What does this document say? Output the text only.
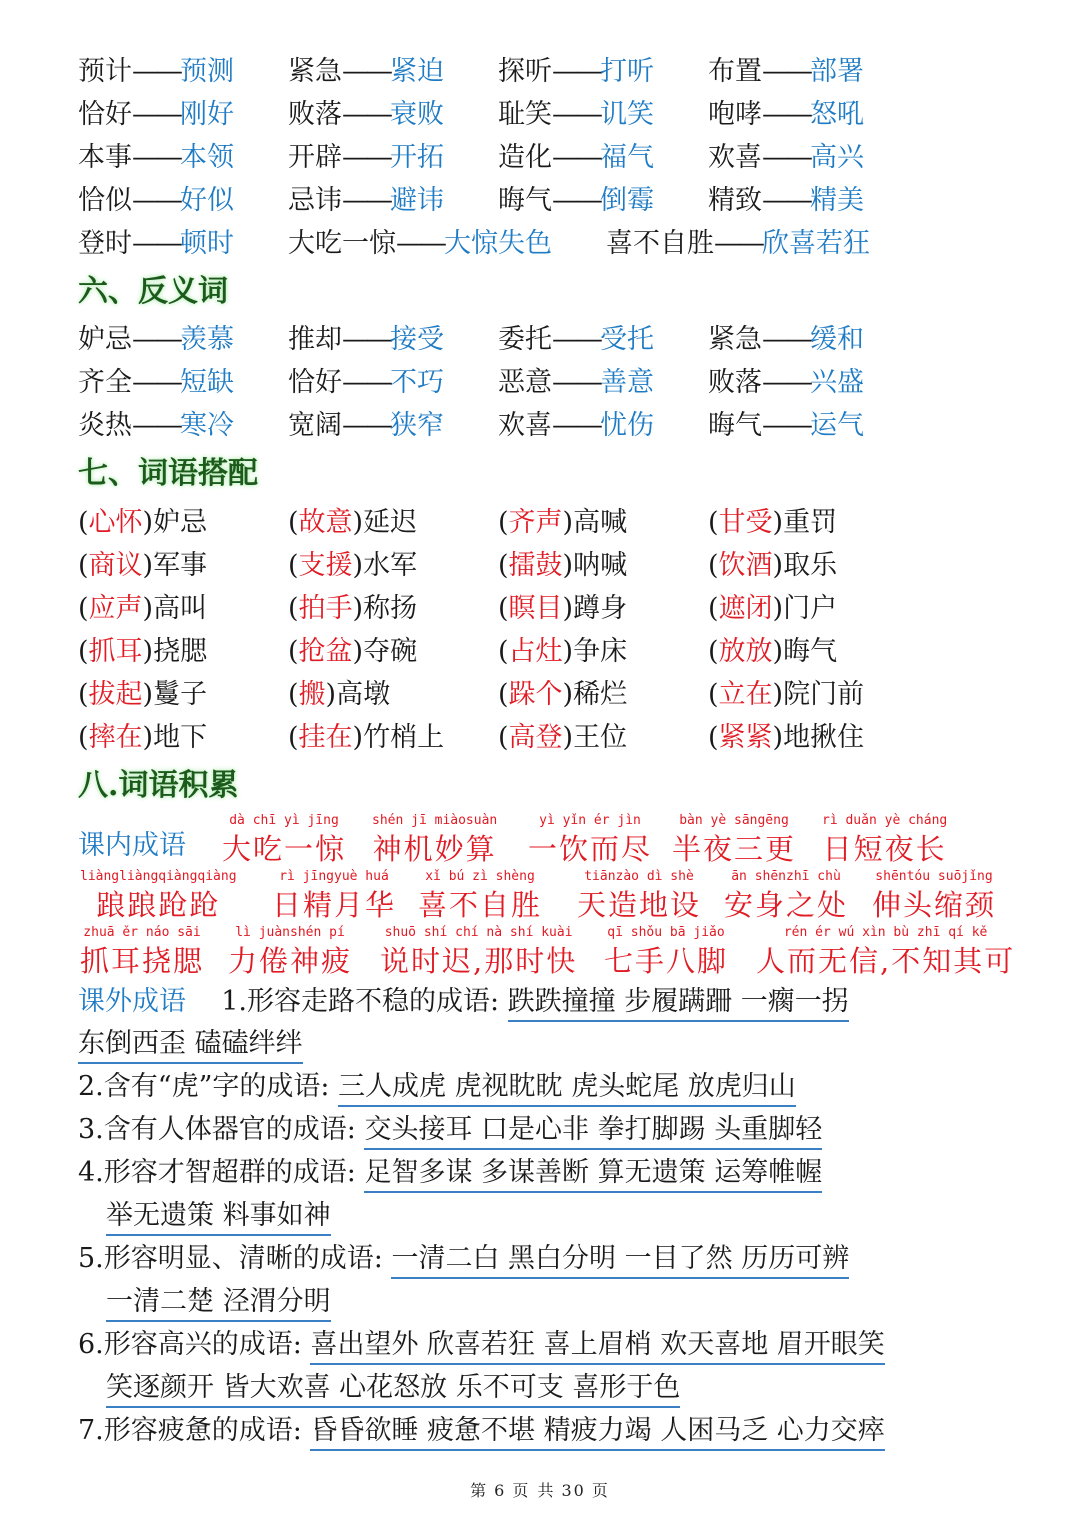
预计——预测 紧急——紧迫 探听——打听 布置——部署
恰好——刚好 败落——衰败 耻笑——讥笑 咆哮——怒吼
本事——本领 开辟——开拓 造化——福气 欢喜——高兴
恰似——好似 忌讳——避讳 晦气——倒霉 精致——精美
登时——顿时 大吃一惊——大惊失色 喜不自胜——欣喜若狂
六、反义词
妒忌——羡慕 推却——接受 委托——受托 紧急——缓和
齐全——短缺 恰好——不巧 恶意——善意 败落——兴盛
炎热——寒冷 宽阔——狭窄 欢喜——忧伤 晦气——运气
七、词语搭配
(心怀)妒忌	(故意)延迟	(齐声)高喊	(甘受)重罚
(商议)军事	(支援)水军	(擂鼓)呐喊	(饮酒)取乐
(应声)高叫	(拍手)称扬	(瞑目)蹲身	(遮闭)门户
(抓耳)挠腮	(抢盆)夺碗	(占灶)争床	(放放)晦气
(拔起)鬘子	(搬)高墩	(跺个)稀烂	(立在)院门前
(摔在)地下	(挂在)竹梢上 (高登)王位	(紧紧)地揪住
八.词语积累
课内成语
dà chī yì jīng
大吃一惊
shén jī miàosuàn
神机妙算
yì yǐn ér jìn
一饮而尽
bàn yè sāngēng
半夜三更
rì duǎn yè cháng
日短夜长
liàngliàngqiàngqiàng
踉踉跄跄
rì jīngyuè huá
日精月华
xǐ bú zì shèng
喜不自胜
tiānzào dì shè
天造地设
ān shēnzhī chù
安身之处
shēntóu suōjǐng
伸头缩颈
zhuā ěr náo sāi
抓耳挠腮
lì juànshén pí
力倦神疲
shuō shí chí nà shí kuài
说时迟,那时快
qī shǒu bā jiǎo
七手八脚
rén ér wú xìn bù zhī qí kě
人而无信,不知其可
课外成语 1.形容走路不稳的成语: 跌跌撞撞 步履蹒跚 一瘸一拐
东倒西歪 磕磕绊绊
2.含有“虎”字的成语: 三人成虎 虎视眈眈 虎头蛇尾 放虎归山
3.含有人体器官的成语: 交头接耳 口是心非 拳打脚踢 头重脚轻
4.形容才智超群的成语: 足智多谋 多谋善断 算无遗策 运筹帷幄
举无遗策 料事如神
5.形容明显、清晰的成语: 一清二白 黑白分明 一目了然 历历可辨
一清二楚 泾渭分明
6.形容高兴的成语: 喜出望外 欣喜若狂 喜上眉梢 欢天喜地 眉开眼笑
笑逐颜开 皆大欢喜 心花怒放 乐不可支 喜形于色
7.形容疲惫的成语: 昏昏欲睡 疲惫不堪 精疲力竭 人困马乏 心力交瘁
第 6 页 共 30 页
